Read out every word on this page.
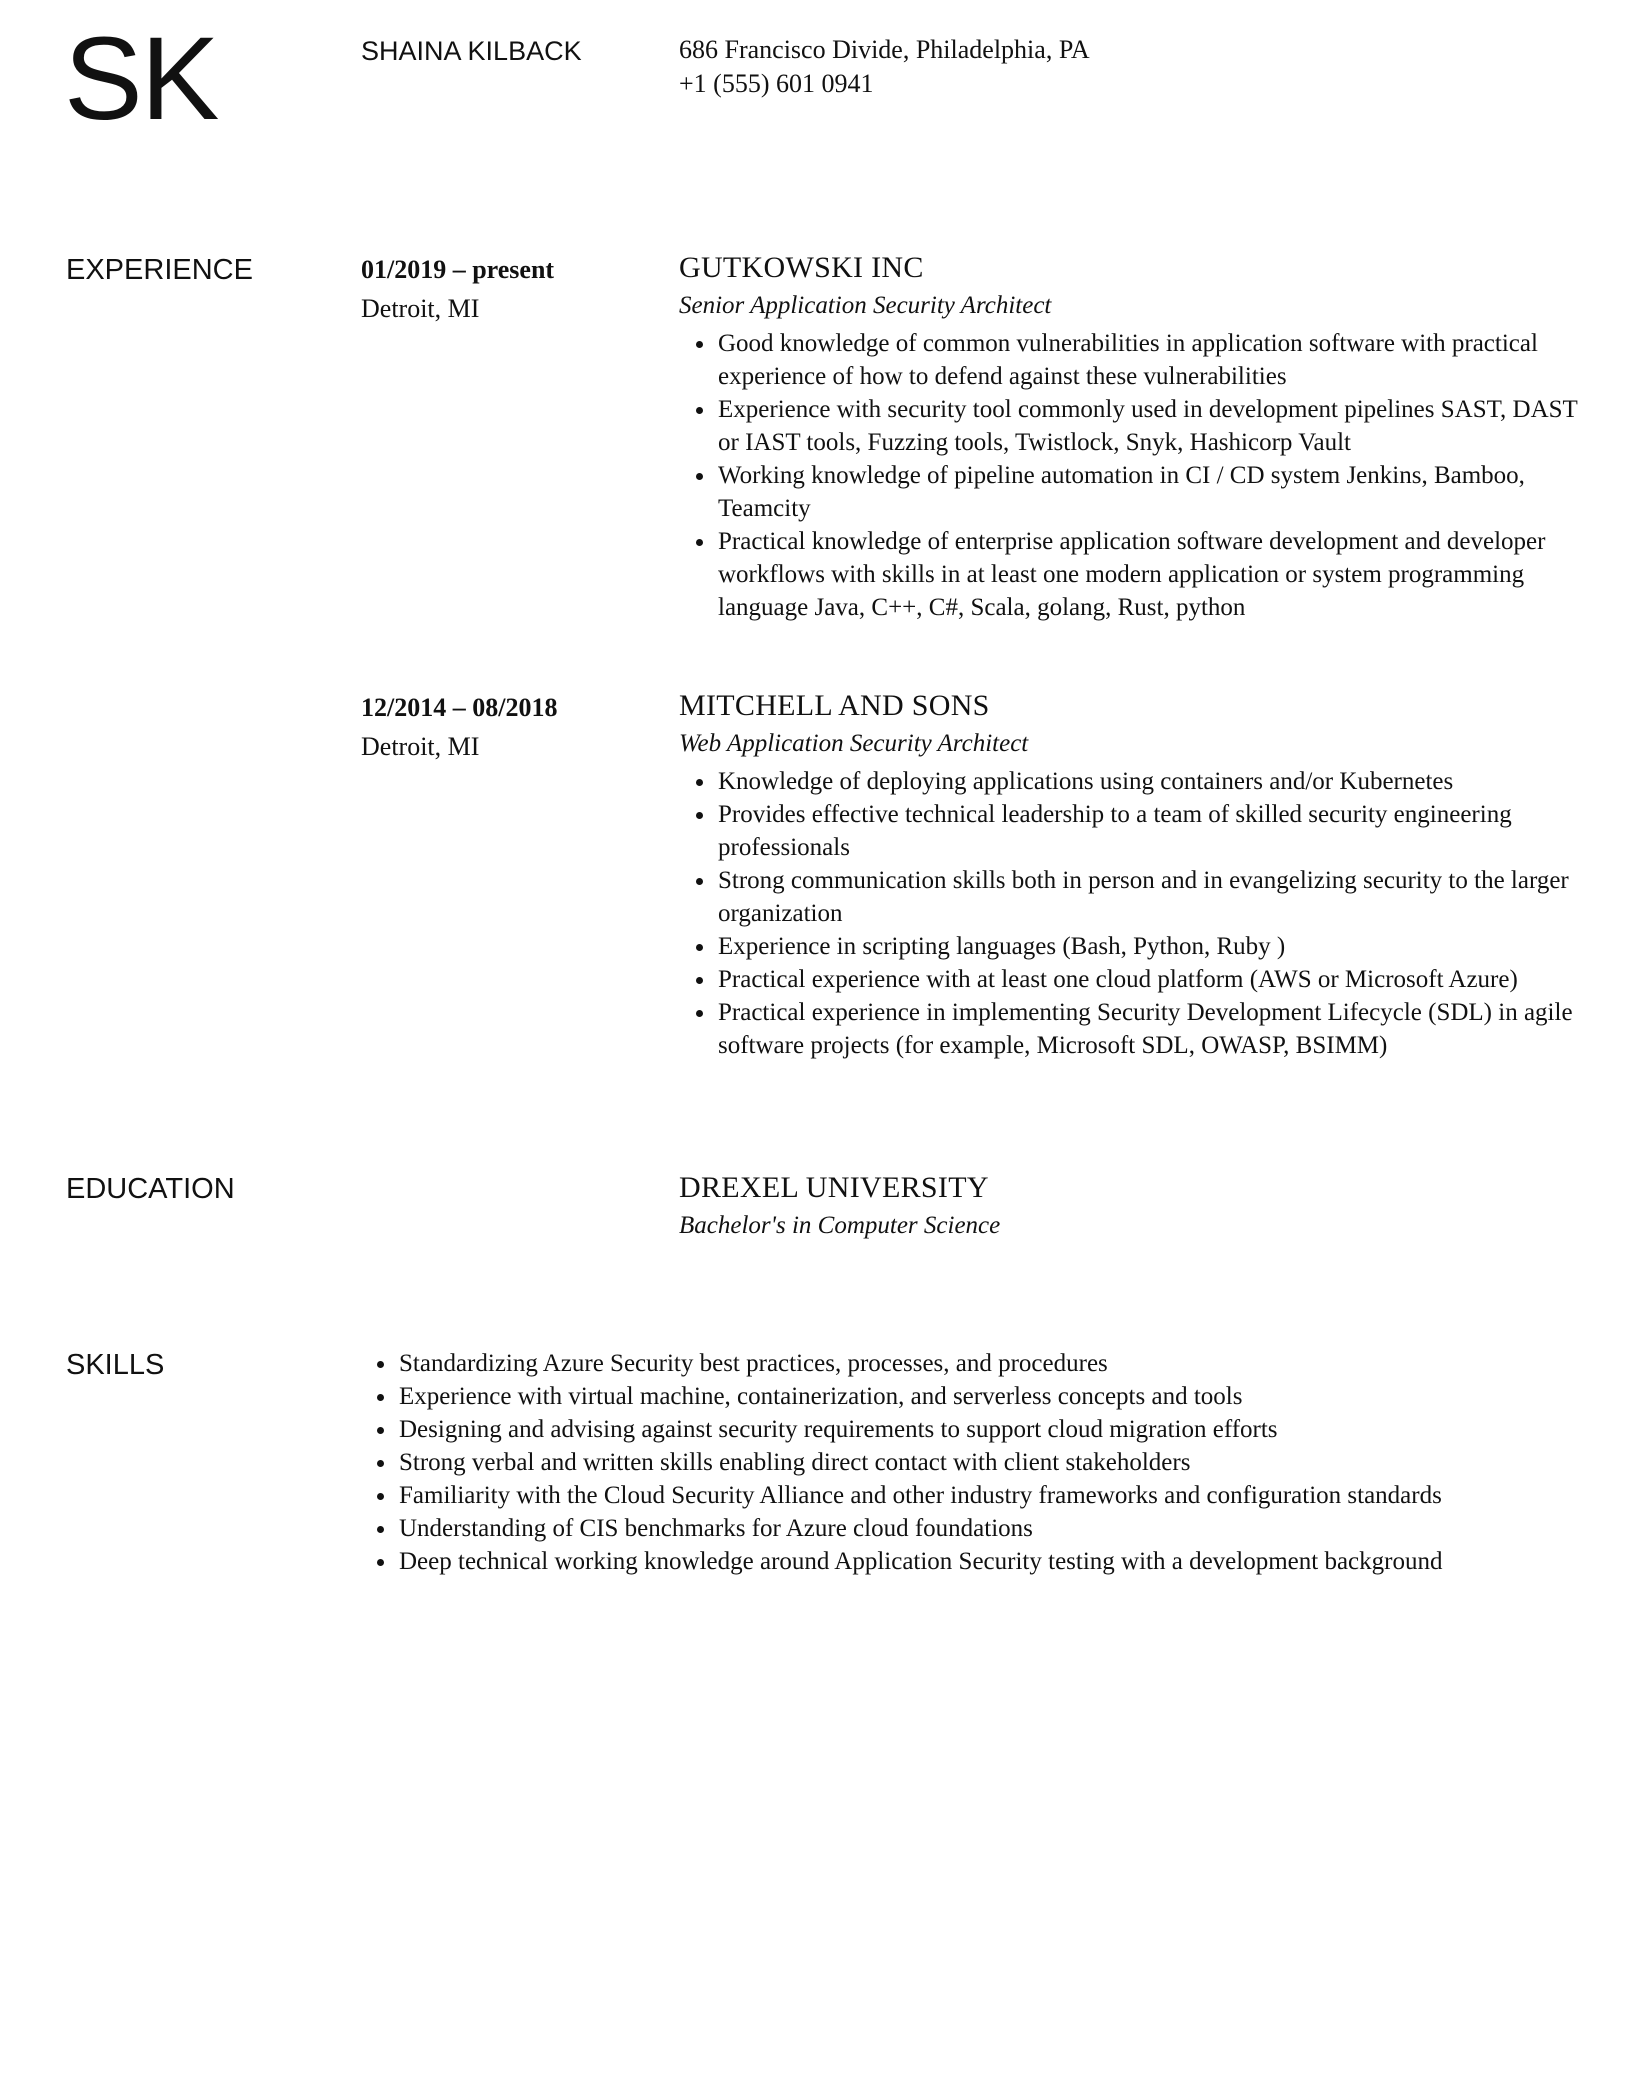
SK	SHAINA KILBACK	686 Francisco Divide, Philadelphia, PA
+1 (555) 601 0941
EXPERIENCE	01/2019 – present
Detroit, MI
GUTKOWSKI INC
Senior Application Security Architect
Good knowledge of common vulnerabilities in application software with practical experience of how to defend against these vulnerabilities
Experience with security tool commonly used in development pipelines SAST, DAST or IAST tools, Fuzzing tools, Twistlock, Snyk, Hashicorp Vault
Working knowledge of pipeline automation in CI / CD system Jenkins, Bamboo, Teamcity
Practical knowledge of enterprise application software development and developer workflows with skills in at least one modern application or system programming language Java, C++, C#, Scala, golang, Rust, python
12/2014 – 08/2018
Detroit, MI
MITCHELL AND SONS
Web Application Security Architect
Knowledge of deploying applications using containers and/or Kubernetes
Provides effective technical leadership to a team of skilled security engineering professionals
Strong communication skills both in person and in evangelizing security to the larger organization
Experience in scripting languages (Bash, Python, Ruby )
Practical experience with at least one cloud platform (AWS or Microsoft Azure)
Practical experience in implementing Security Development Lifecycle (SDL) in agile software projects (for example, Microsoft SDL, OWASP, BSIMM)
EDUCATION	DREXEL UNIVERSITY
Bachelor's in Computer Science
SKILLS	Standardizing Azure Security best practices, processes, and procedures
Experience with virtual machine, containerization, and serverless concepts and tools
Designing and advising against security requirements to support cloud migration efforts
Strong verbal and written skills enabling direct contact with client stakeholders
Familiarity with the Cloud Security Alliance and other industry frameworks and configuration standards
Understanding of CIS benchmarks for Azure cloud foundations
Deep technical working knowledge around Application Security testing with a development background
